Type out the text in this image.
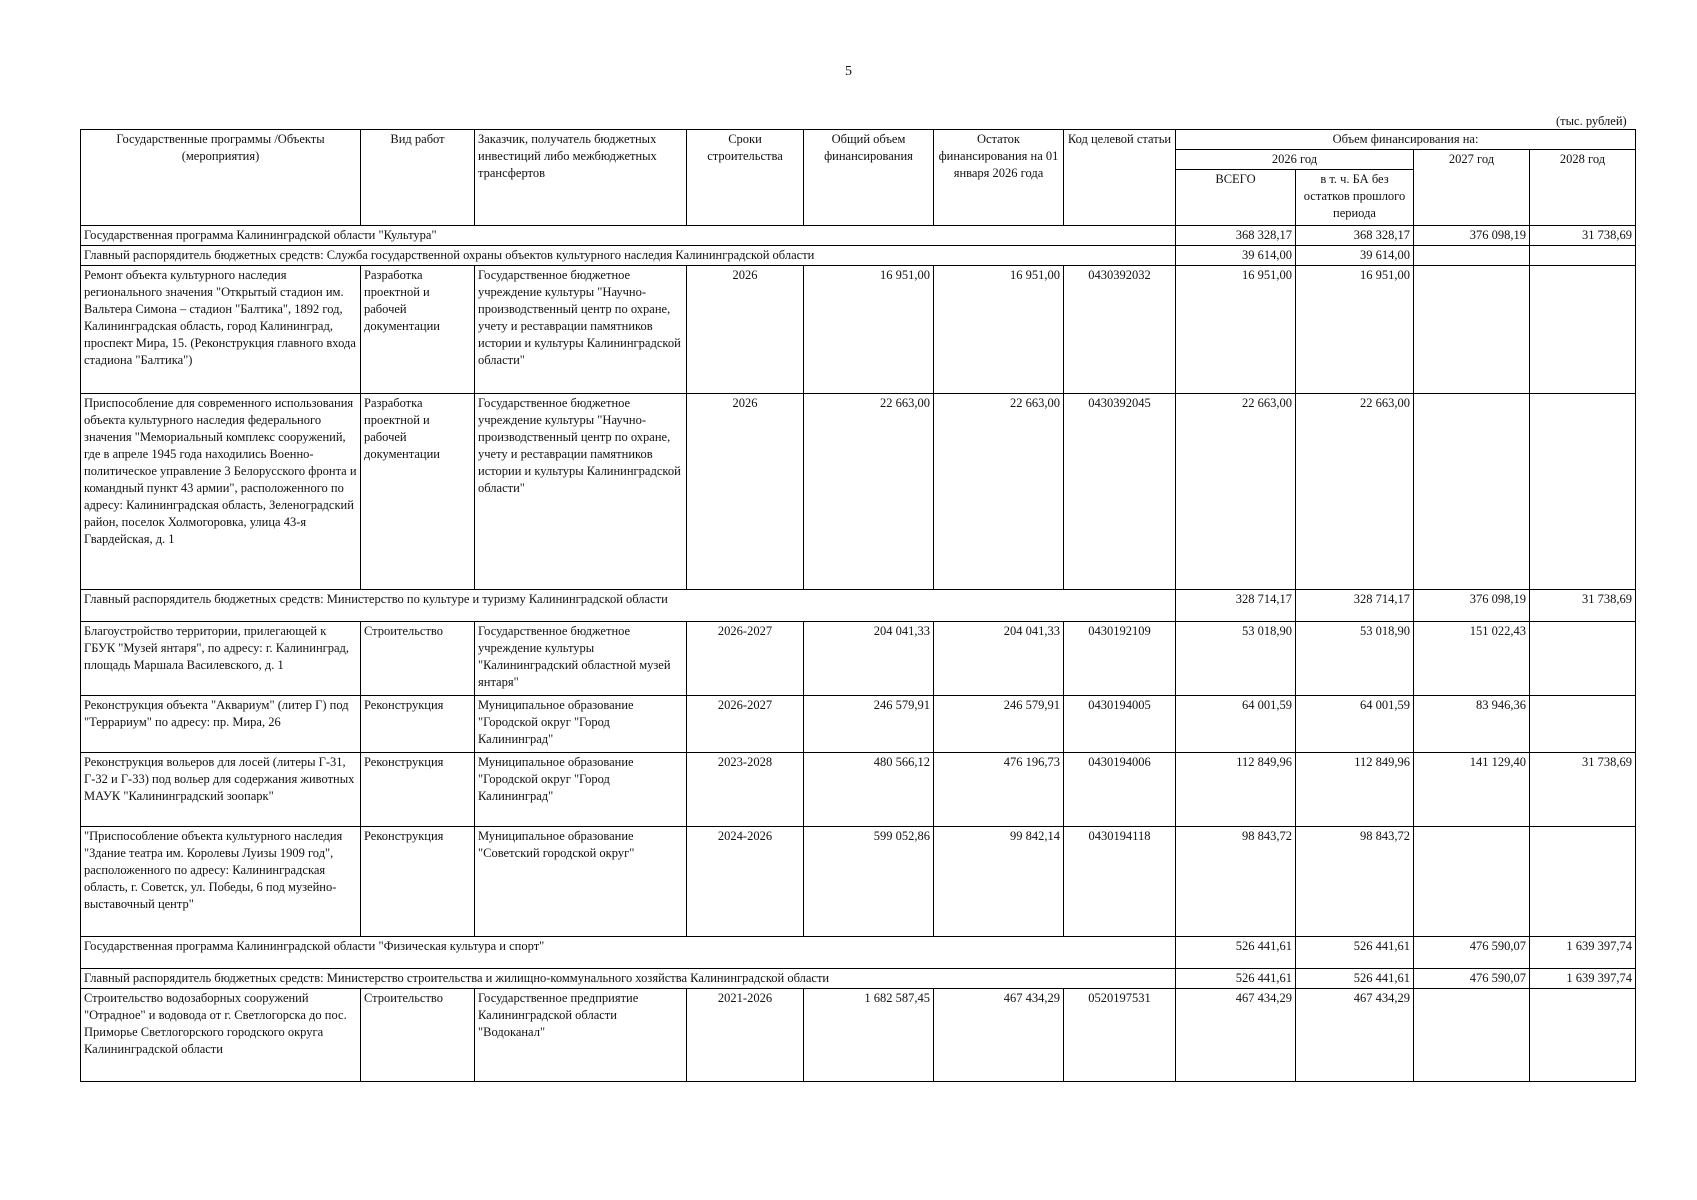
5
(тыс. рублей)
Государственные программы /Объекты (мероприятия)	Вид работ	Заказчик, получатель бюджетных инвестиций либо межбюджетных трансфертов	Сроки строительства	Общий объем финансирования	Остаток финансирования на 01 января 2026 года	Код целевой статьи	Объем финансирования на:			
							2026 год		2027 год	2028 год
							ВСЕГО	в т. ч. БА без остатков прошлого периода		
Государственная программа Калининградской области "Культура"							368 328,17	368 328,17	376 098,19	31 738,69
Главный распорядитель бюджетных средств: Служба государственной охраны объектов культурного наследия Калининградской области							39 614,00	39 614,00		
Ремонт объекта культурного наследия регионального значения "Открытый стадион им. Вальтера Симона – стадион "Балтика", 1892 год, Калининградская область, город Калининград, проспект Мира, 15. (Реконструкция главного входа стадиона "Балтика")	Разработка проектной и рабочей документации	Государственное бюджетное учреждение культуры "Научно-производственный центр по охране, учету и реставрации памятников истории и культуры Калининградской области"	2026	16 951,00	16 951,00	0430392032	16 951,00	16 951,00		
Приспособление для современного использования объекта культурного наследия федерального значения "Мемориальный комплекс сооружений, где в апреле 1945 года находились Военно-политическое управление 3 Белорусского фронта и командный пункт 43 армии", расположенного по адресу: Калининградская область, Зеленоградский район, поселок Холмогоровка, улица 43-я Гвардейская, д. 1	Разработка проектной и рабочей документации	Государственное бюджетное учреждение культуры "Научно-производственный центр по охране, учету и реставрации памятников истории и культуры Калининградской области"	2026	22 663,00	22 663,00	0430392045	22 663,00	22 663,00		
Главный распорядитель бюджетных средств: Министерство по культуре и туризму Калининградской области							328 714,17	328 714,17	376 098,19	31 738,69
Благоустройство территории, прилегающей к ГБУК "Музей янтаря", по адресу: г. Калининград, площадь Маршала Василевского, д. 1	Строительство	Государственное бюджетное учреждение культуры "Калининградский областной музей янтаря"	2026-2027	204 041,33	204 041,33	0430192109	53 018,90	53 018,90	151 022,43	
Реконструкция объекта "Аквариум" (литер Г) под "Террариум" по адресу: пр. Мира, 26	Реконструкция	Муниципальное образование "Городской округ "Город Калининград"	2026-2027	246 579,91	246 579,91	0430194005	64 001,59	64 001,59	83 946,36	
Реконструкция вольеров для лосей (литеры Г-31, Г-32 и Г-33) под вольер для содержания животных МАУК "Калининградский зоопарк"	Реконструкция	Муниципальное образование "Городской округ "Город Калининград"	2023-2028	480 566,12	476 196,73	0430194006	112 849,96	112 849,96	141 129,40	31 738,69
"Приспособление объекта культурного наследия "Здание театра им. Королевы Луизы 1909 год", расположенного по адресу: Калининградская область, г. Советск, ул. Победы, 6 под музейно-выставочный центр"	Реконструкция	Муниципальное образование "Советский городской округ"	2024-2026	599 052,86	99 842,14	0430194118	98 843,72	98 843,72		
Государственная программа Калининградской области "Физическая культура и спорт"							526 441,61	526 441,61	476 590,07	1 639 397,74
Главный распорядитель бюджетных средств: Министерство строительства и жилищно-коммунального хозяйства Калининградской области							526 441,61	526 441,61	476 590,07	1 639 397,74
Строительство водозаборных сооружений "Отрадное" и водовода от г. Светлогорска до пос. Приморье Светлогорского городского округа Калининградской области	Строительство	Государственное предприятие Калининградской области "Водоканал"	2021-2026	1 682 587,45	467 434,29	0520197531	467 434,29	467 434,29		
